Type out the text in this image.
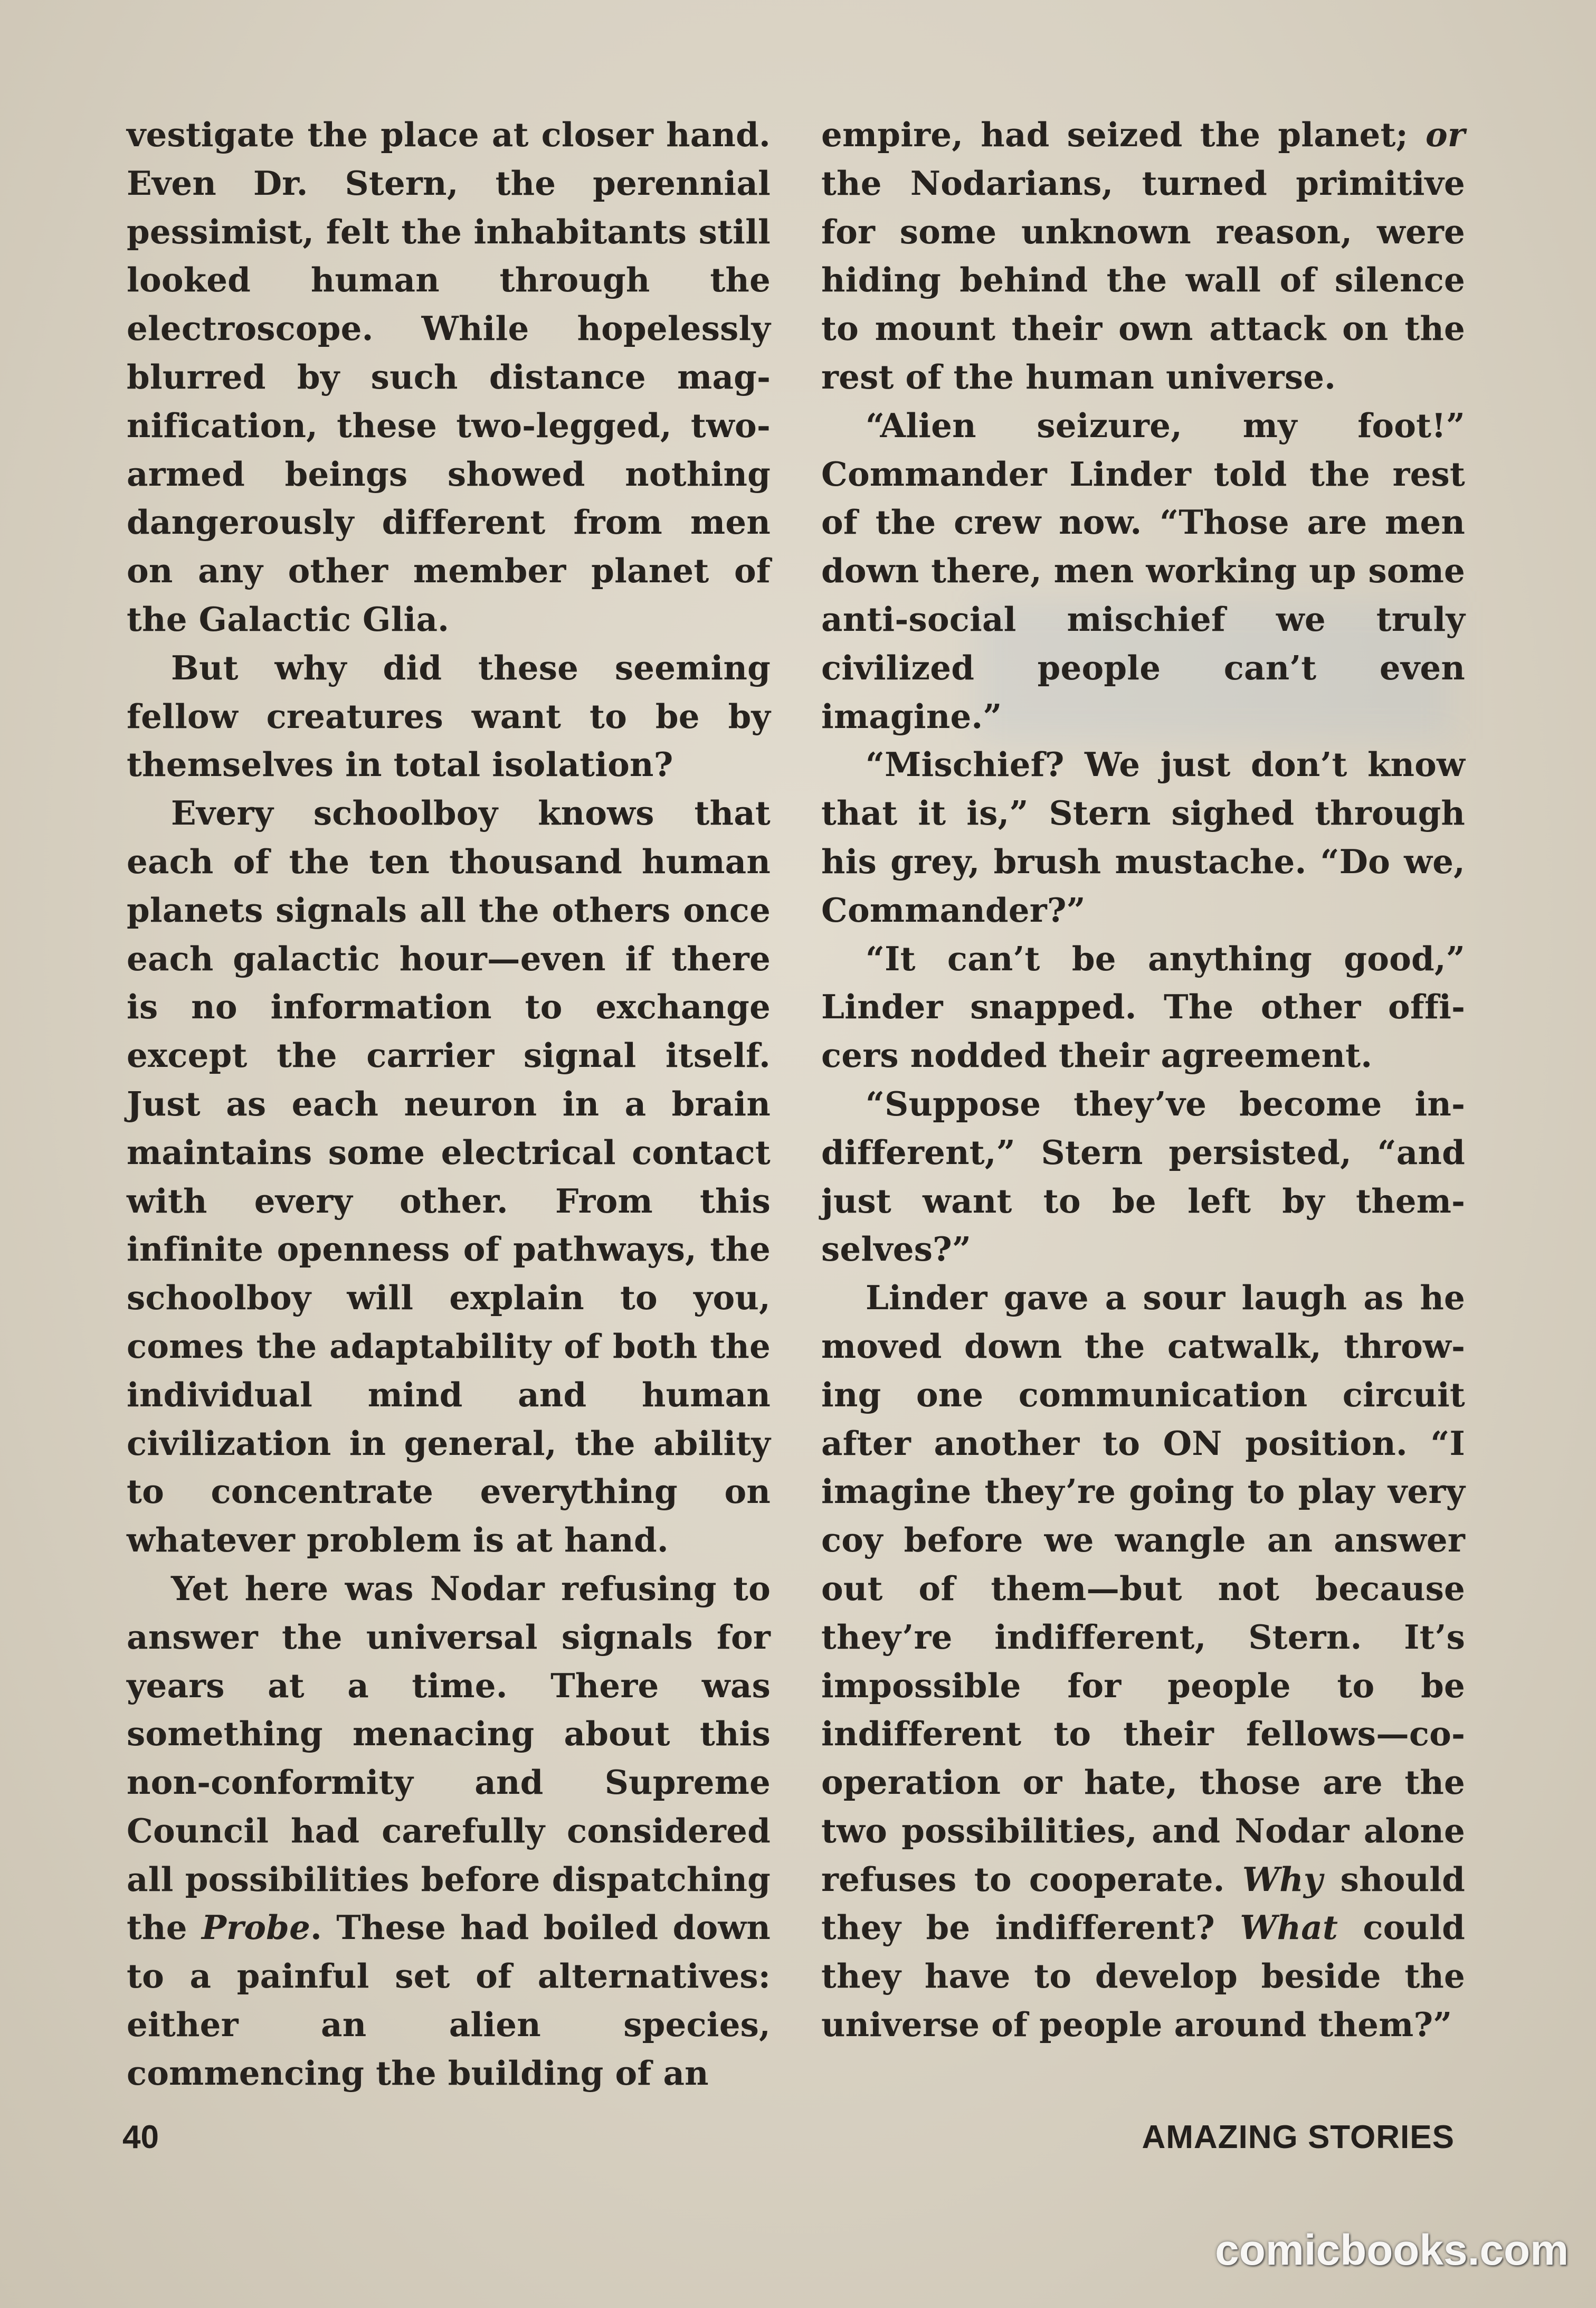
vestigate the place at closer hand. Even Dr. Stern, the perennial pessimist, felt the inhabitants still looked human through the electroscope. While hopelessly blurred by such distance magnification, these two-legged, two-armed beings showed nothing dangerously different from men on any other member planet of the Galactic Glia.

But why did these seeming fellow creatures want to be by themselves in total isolation?

Every schoolboy knows that each of the ten thousand human planets signals all the others once each galactic hour—even if there is no information to exchange except the carrier signal itself. Just as each neuron in a brain maintains some electrical contact with every other. From this infinite openness of pathways, the schoolboy will explain to you, comes the adaptability of both the individual mind and human civilization in general, the ability to concentrate everything on whatever problem is at hand.

Yet here was Nodar refusing to answer the universal signals for years at a time. There was something menacing about this non-conformity and Supreme Council had carefully considered all possibilities before dispatching the Probe. These had boiled down to a painful set of alternatives: either an alien species, commencing the building of an

empire, had seized the planet; or the Nodarians, turned primitive for some unknown reason, were hiding behind the wall of silence to mount their own attack on the rest of the human universe.

“Alien seizure, my foot!” Commander Linder told the rest of the crew now. “Those are men down there, men working up some anti-social mischief we truly civilized people can’t even imagine.”

“Mischief? We just don’t know that it is,” Stern sighed through his grey, brush mustache. “Do we, Commander?”

“It can’t be anything good,” Linder snapped. The other officers nodded their agreement.

“Suppose they’ve become indifferent,” Stern persisted, “and just want to be left by themselves?”

Linder gave a sour laugh as he moved down the catwalk, throwing one communication circuit after another to ON position. “I imagine they’re going to play very coy before we wangle an answer out of them—but not because they’re indifferent, Stern. It’s impossible for people to be indifferent to their fellows—cooperation or hate, those are the two possibilities, and Nodar alone refuses to cooperate. Why should they be indifferent? What could they have to develop beside the universe of people around them?”

40	AMAZING STORIES
comicbooks.com
